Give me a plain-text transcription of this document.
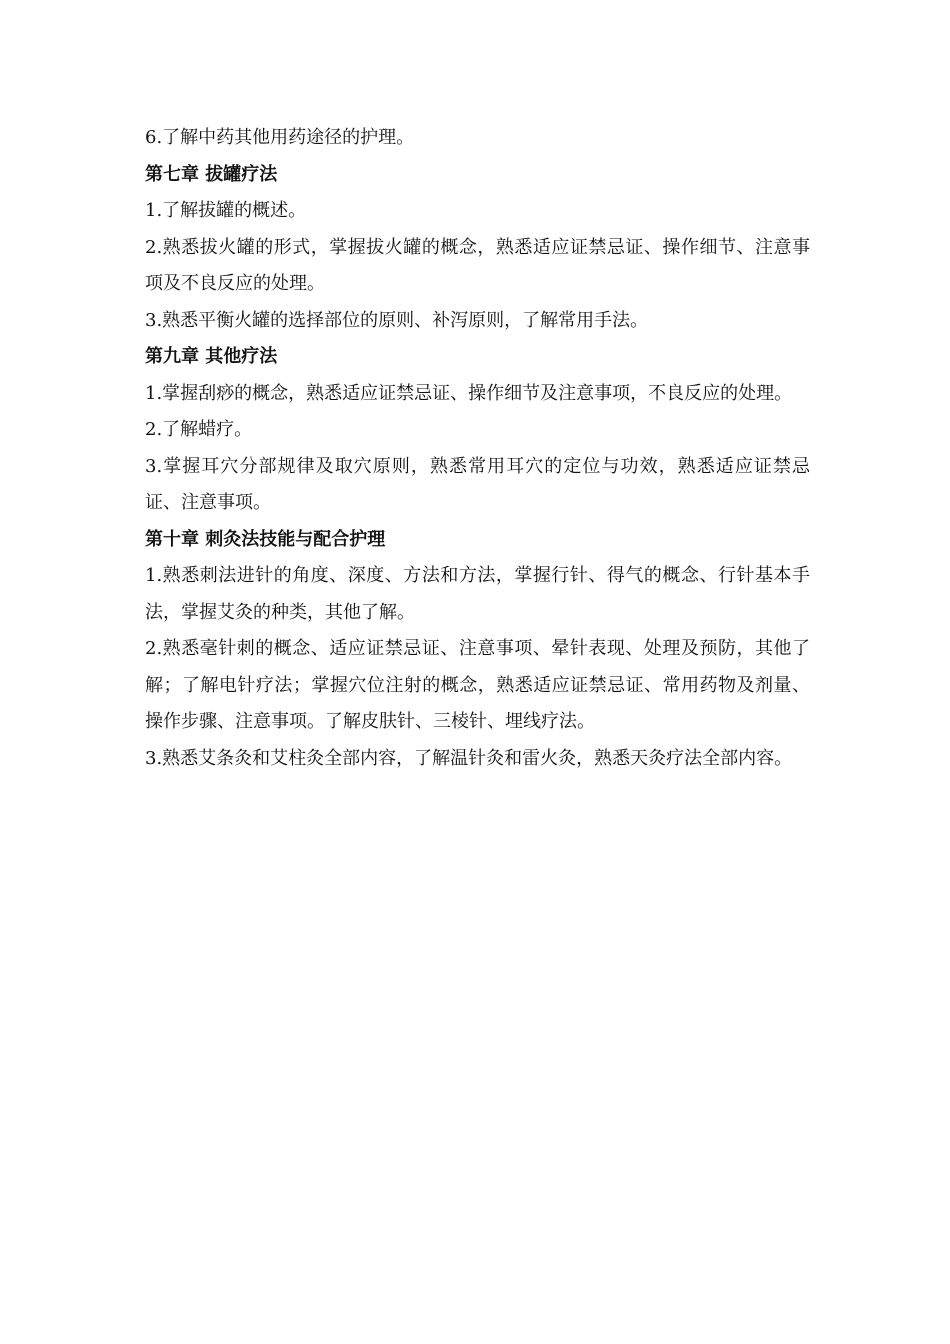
6.了解中药其他用药途径的护理。

第七章 拔罐疗法

1.了解拔罐的概述。

2.熟悉拔火罐的形式，掌握拔火罐的概念，熟悉适应证禁忌证、操作细节、注意事项及不良反应的处理。

3.熟悉平衡火罐的选择部位的原则、补泻原则，了解常用手法。

第九章 其他疗法

1.掌握刮痧的概念，熟悉适应证禁忌证、操作细节及注意事项，不良反应的处理。

2.了解蜡疗。

3.掌握耳穴分部规律及取穴原则，熟悉常用耳穴的定位与功效，熟悉适应证禁忌证、注意事项。

第十章 刺灸法技能与配合护理

1.熟悉刺法进针的角度、深度、方法和方法，掌握行针、得气的概念、行针基本手法，掌握艾灸的种类，其他了解。

2.熟悉毫针刺的概念、适应证禁忌证、注意事项、晕针表现、处理及预防，其他了解；了解电针疗法；掌握穴位注射的概念，熟悉适应证禁忌证、常用药物及剂量、操作步骤、注意事项。了解皮肤针、三棱针、埋线疗法。

3.熟悉艾条灸和艾柱灸全部内容，了解温针灸和雷火灸，熟悉天灸疗法全部内容。
